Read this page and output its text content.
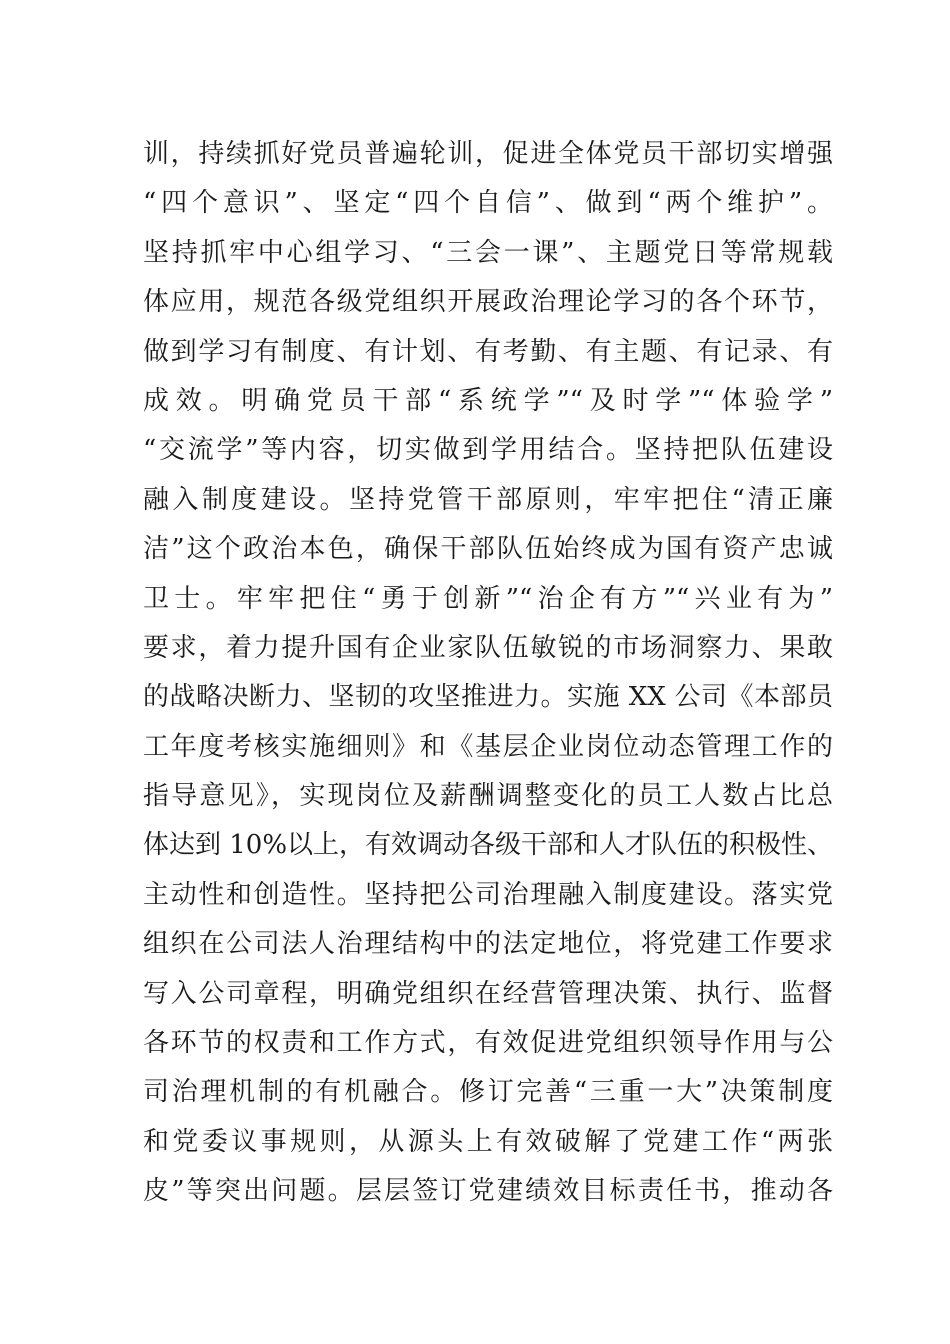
训，持续抓好党员普遍轮训，促进全体党员干部切实增强
“四个意识”、坚定“四个自信”、做到“两个维护”。
坚持抓牢中心组学习、“三会一课”、主题党日等常规载
体应用，规范各级党组织开展政治理论学习的各个环节，
做到学习有制度、有计划、有考勤、有主题、有记录、有
成效。明确党员干部“系统学”“及时学”“体验学”
“交流学”等内容，切实做到学用结合。坚持把队伍建设
融入制度建设。坚持党管干部原则，牢牢把住“清正廉
洁”这个政治本色，确保干部队伍始终成为国有资产忠诚
卫士。牢牢把住“勇于创新”“治企有方”“兴业有为”
要求，着力提升国有企业家队伍敏锐的市场洞察力、果敢
的战略决断力、坚韧的攻坚推进力。实施 XX 公司《本部员
工年度考核实施细则》和《基层企业岗位动态管理工作的
指导意见》，实现岗位及薪酬调整变化的员工人数占比总
体达到 10%以上，有效调动各级干部和人才队伍的积极性、
主动性和创造性。坚持把公司治理融入制度建设。落实党
组织在公司法人治理结构中的法定地位，将党建工作要求
写入公司章程，明确党组织在经营管理决策、执行、监督
各环节的权责和工作方式，有效促进党组织领导作用与公
司治理机制的有机融合。修订完善“三重一大”决策制度
和党委议事规则，从源头上有效破解了党建工作“两张
皮”等突出问题。层层签订党建绩效目标责任书，推动各
